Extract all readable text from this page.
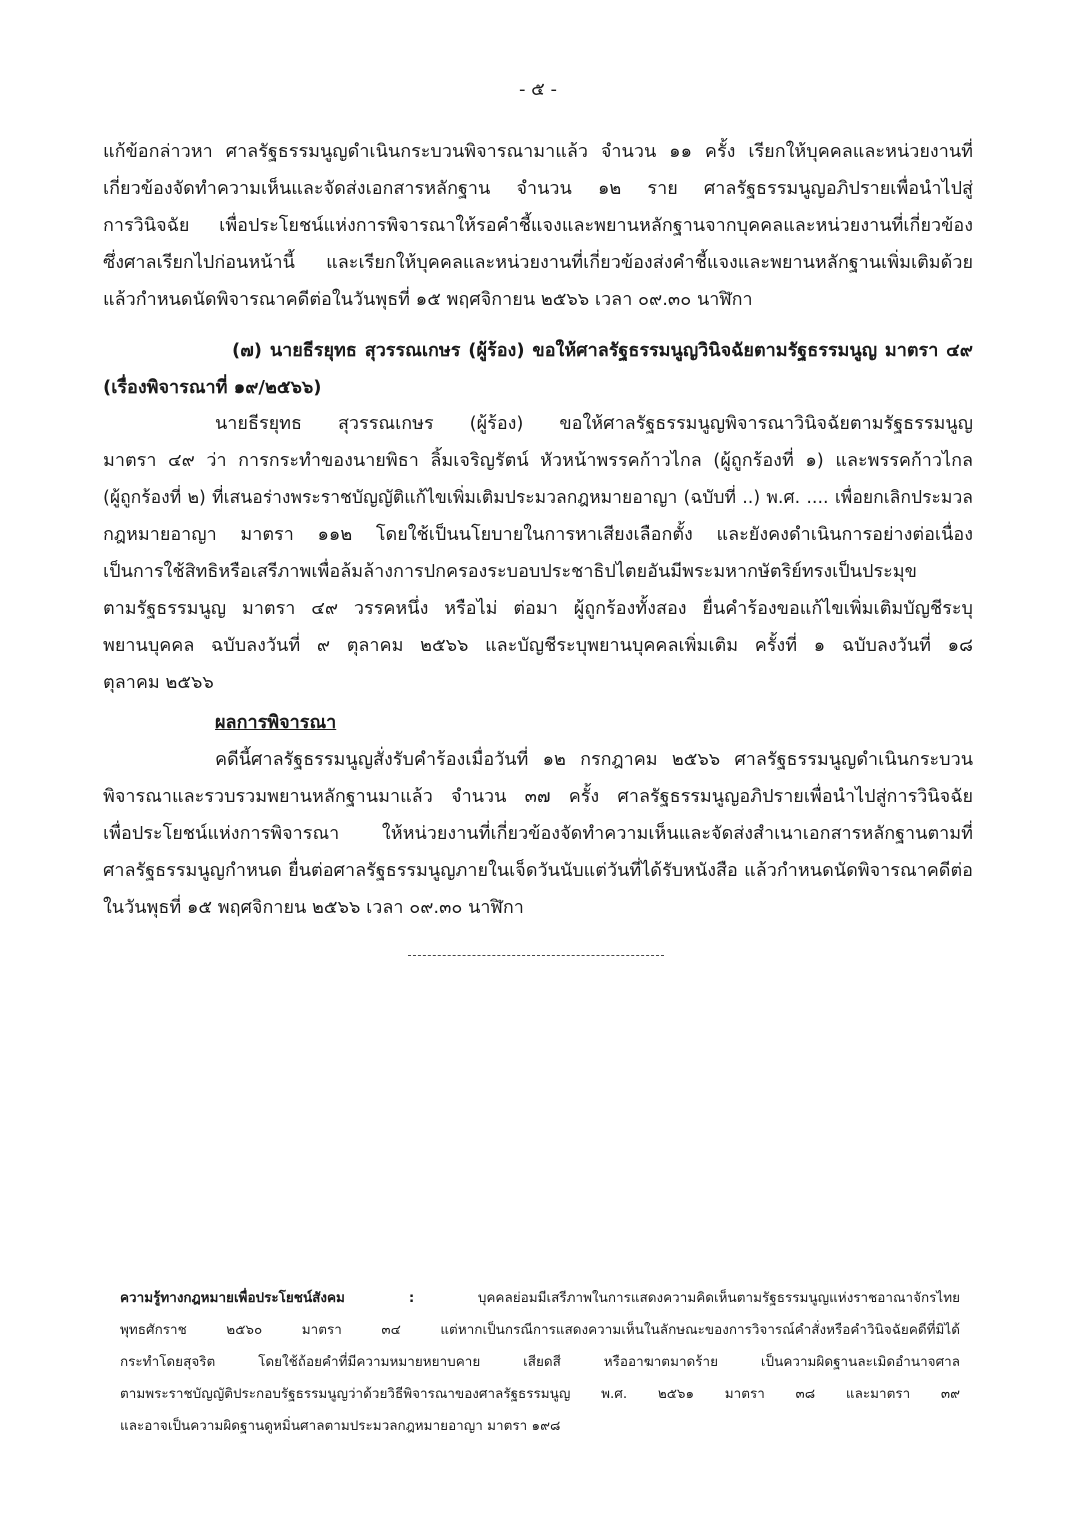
- ๕ -
แก้ข้อกล่าวหา ศาลรัฐธรรมนูญดำเนินกระบวนพิจารณามาแล้ว จำนวน ๑๑ ครั้ง เรียกให้บุคคลและหน่วยงานที่
เกี่ยวข้องจัดทำความเห็นและจัดส่งเอกสารหลักฐาน จำนวน ๑๒ ราย ศาลรัฐธรรมนูญอภิปรายเพื่อนำไปสู่
การวินิจฉัย เพื่อประโยชน์แห่งการพิจารณาให้รอคำชี้แจงและพยานหลักฐานจากบุคคลและหน่วยงานที่เกี่ยวข้อง
ซึ่งศาลเรียกไปก่อนหน้านี้ และเรียกให้บุคคลและหน่วยงานที่เกี่ยวข้องส่งคำชี้แจงและพยานหลักฐานเพิ่มเติมด้วย
แล้วกำหนดนัดพิจารณาคดีต่อในวันพุธที่ ๑๕ พฤศจิกายน ๒๕๖๖ เวลา ๐๙.๓๐ นาฬิกา
(๗) นายธีรยุทธ สุวรรณเกษร (ผู้ร้อง) ขอให้ศาลรัฐธรรมนูญวินิจฉัยตามรัฐธรรมนูญ มาตรา ๔๙
(เรื่องพิจารณาที่ ๑๙/๒๕๖๖)
นายธีรยุทธ สุวรรณเกษร (ผู้ร้อง) ขอให้ศาลรัฐธรรมนูญพิจารณาวินิจฉัยตามรัฐธรรมนูญ
มาตรา ๔๙ ว่า การกระทำของนายพิธา ลิ้มเจริญรัตน์ หัวหน้าพรรคก้าวไกล (ผู้ถูกร้องที่ ๑) และพรรคก้าวไกล
(ผู้ถูกร้องที่ ๒) ที่เสนอร่างพระราชบัญญัติแก้ไขเพิ่มเติมประมวลกฎหมายอาญา (ฉบับที่ ..) พ.ศ. .... เพื่อยกเลิกประมวล
กฎหมายอาญา มาตรา ๑๑๒ โดยใช้เป็นนโยบายในการหาเสียงเลือกตั้ง และยังคงดำเนินการอย่างต่อเนื่อง
เป็นการใช้สิทธิหรือเสรีภาพเพื่อล้มล้างการปกครองระบอบประชาธิปไตยอันมีพระมหากษัตริย์ทรงเป็นประมุข
ตามรัฐธรรมนูญ มาตรา ๔๙ วรรคหนึ่ง หรือไม่ ต่อมา ผู้ถูกร้องทั้งสอง ยื่นคำร้องขอแก้ไขเพิ่มเติมบัญชีระบุ
พยานบุคคล ฉบับลงวันที่ ๙ ตุลาคม ๒๕๖๖ และบัญชีระบุพยานบุคคลเพิ่มเติม ครั้งที่ ๑ ฉบับลงวันที่ ๑๘
ตุลาคม ๒๕๖๖
ผลการพิจารณา
คดีนี้ศาลรัฐธรรมนูญสั่งรับคำร้องเมื่อวันที่ ๑๒ กรกฎาคม ๒๕๖๖ ศาลรัฐธรรมนูญดำเนินกระบวน
พิจารณาและรวบรวมพยานหลักฐานมาแล้ว จำนวน ๓๗ ครั้ง ศาลรัฐธรรมนูญอภิปรายเพื่อนำไปสู่การวินิจฉัย
เพื่อประโยชน์แห่งการพิจารณา ให้หน่วยงานที่เกี่ยวข้องจัดทำความเห็นและจัดส่งสำเนาเอกสารหลักฐานตามที่
ศาลรัฐธรรมนูญกำหนด ยื่นต่อศาลรัฐธรรมนูญภายในเจ็ดวันนับแต่วันที่ได้รับหนังสือ แล้วกำหนดนัดพิจารณาคดีต่อ
ในวันพุธที่ ๑๕ พฤศจิกายน ๒๕๖๖ เวลา ๐๙.๓๐ นาฬิกา
ความรู้ทางกฎหมายเพื่อประโยชน์สังคม :	บุคคลย่อมมีเสรีภาพในการแสดงความคิดเห็นตามรัฐธรรมนูญแห่งราชอาณาจักรไทย
พุทธศักราช ๒๕๖๐ มาตรา ๓๔ แต่หากเป็นกรณีการแสดงความเห็นในลักษณะของการวิจารณ์คำสั่งหรือคำวินิจฉัยคดีที่มิได้
กระทำโดยสุจริต โดยใช้ถ้อยคำที่มีความหมายหยาบคาย เสียดสี หรืออาฆาตมาดร้าย เป็นความผิดฐานละเมิดอำนาจศาล
ตามพระราชบัญญัติประกอบรัฐธรรมนูญว่าด้วยวิธีพิจารณาของศาลรัฐธรรมนูญ พ.ศ. ๒๕๖๑ มาตรา ๓๘ และมาตรา ๓๙
และอาจเป็นความผิดฐานดูหมิ่นศาลตามประมวลกฎหมายอาญา มาตรา ๑๙๘
